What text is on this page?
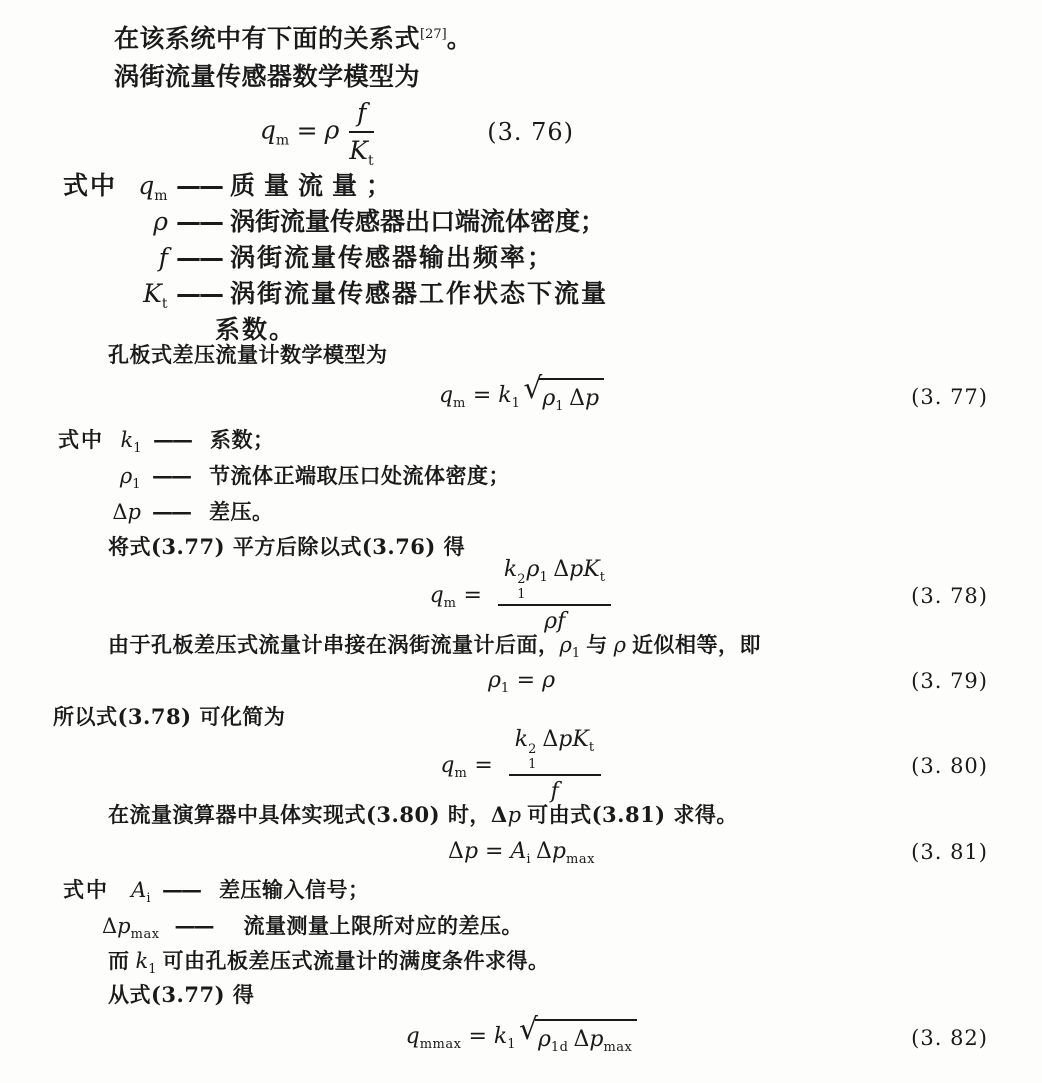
在该系统中有下面的关系式[27]。

涡街流量传感器数学模型为

$q_m = \rho \frac{f}{K_t}$	(3. 76)
式中 $q_m$ —— 质量流量；
ρ —— 涡街流量传感器出口端流体密度；
f —— 涡街流量传感器输出频率；
$K_t$ —— 涡街流量传感器工作状态下流量

系数。

孔板式差压流量计数学模型为

$q_m = k_1$ √ $\rho_1$ Δp	(3. 77)
式中 $k_1$ —— 系数；
$\rho_1$ —— 节流体正端取压口处流体密度；
Δp —— 差压。

将式(3.77) 平方后除以式(3.76) 得

$q_m = k$ 2
1
$\rho_1$ ΔpK$_t$
ρf	(3. 78)

由于孔板差压式流量计串接在涡街流量计后面，$\rho_1$ 与 ρ 近似相等，即

$\rho_1 = \rho$	(3. 79)

所以式(3.78) 可化简为

$q_m = k$ 2
1
ΔpK$_t$
f	(3. 80)

在流量演算器中具体实现式(3.80) 时，Δp 可由式(3.81) 求得。

$\Delta p = A_i$ $\Delta p_{max}$	(3. 81)
式中	$A_i$ —— 差压输入信号；
$\Delta p_{max}$ ——	流量测量上限所对应的差压。

而 $k_1$ 可由孔板差压式流量计的满度条件求得。

从式(3.77) 得

$q_{mmax} = k_1$ √ $\rho_{1d}$ $\Delta p_{max}$	(3. 82)
